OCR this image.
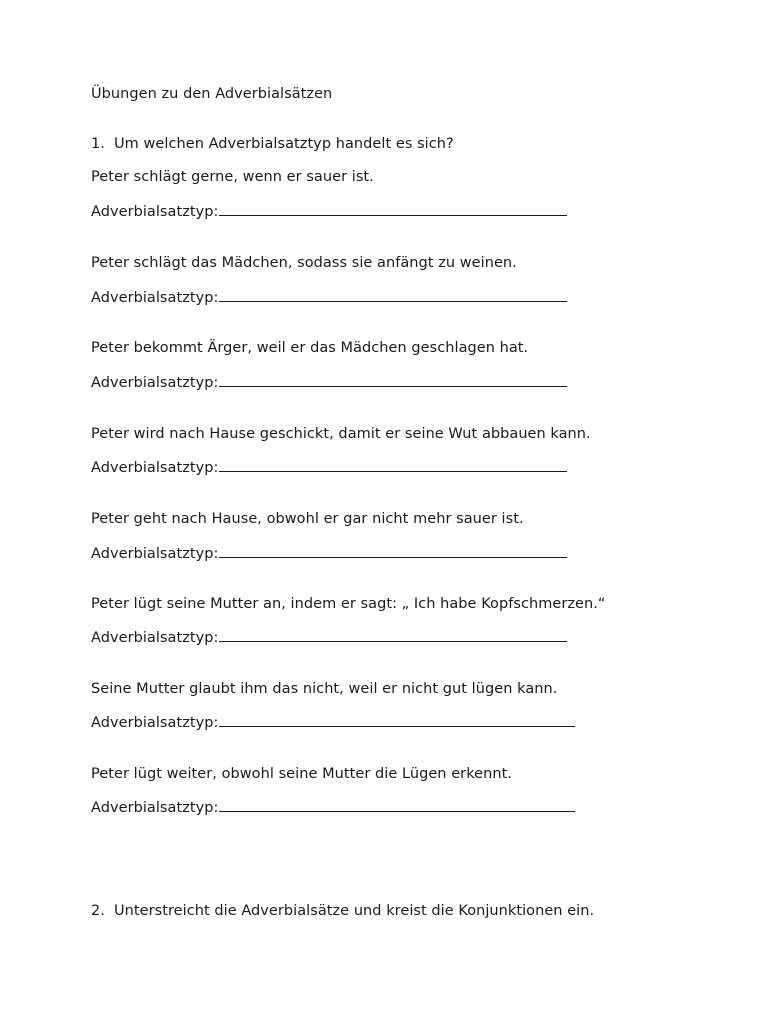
Übungen zu den Adverbialsätzen
1. Um welchen Adverbialsatztyp handelt es sich?
Peter schlägt gerne, wenn er sauer ist.
Adverbialsatztyp:
Peter schlägt das Mädchen, sodass sie anfängt zu weinen.
Adverbialsatztyp:
Peter bekommt Ärger, weil er das Mädchen geschlagen hat.
Adverbialsatztyp:
Peter wird nach Hause geschickt, damit er seine Wut abbauen kann.
Adverbialsatztyp:
Peter geht nach Hause, obwohl er gar nicht mehr sauer ist.
Adverbialsatztyp:
Peter lügt seine Mutter an, indem er sagt: „ Ich habe Kopfschmerzen.“
Adverbialsatztyp:
Seine Mutter glaubt ihm das nicht, weil er nicht gut lügen kann.
Adverbialsatztyp:
Peter lügt weiter, obwohl seine Mutter die Lügen erkennt.
Adverbialsatztyp:
2. Unterstreicht die Adverbialsätze und kreist die Konjunktionen ein.
